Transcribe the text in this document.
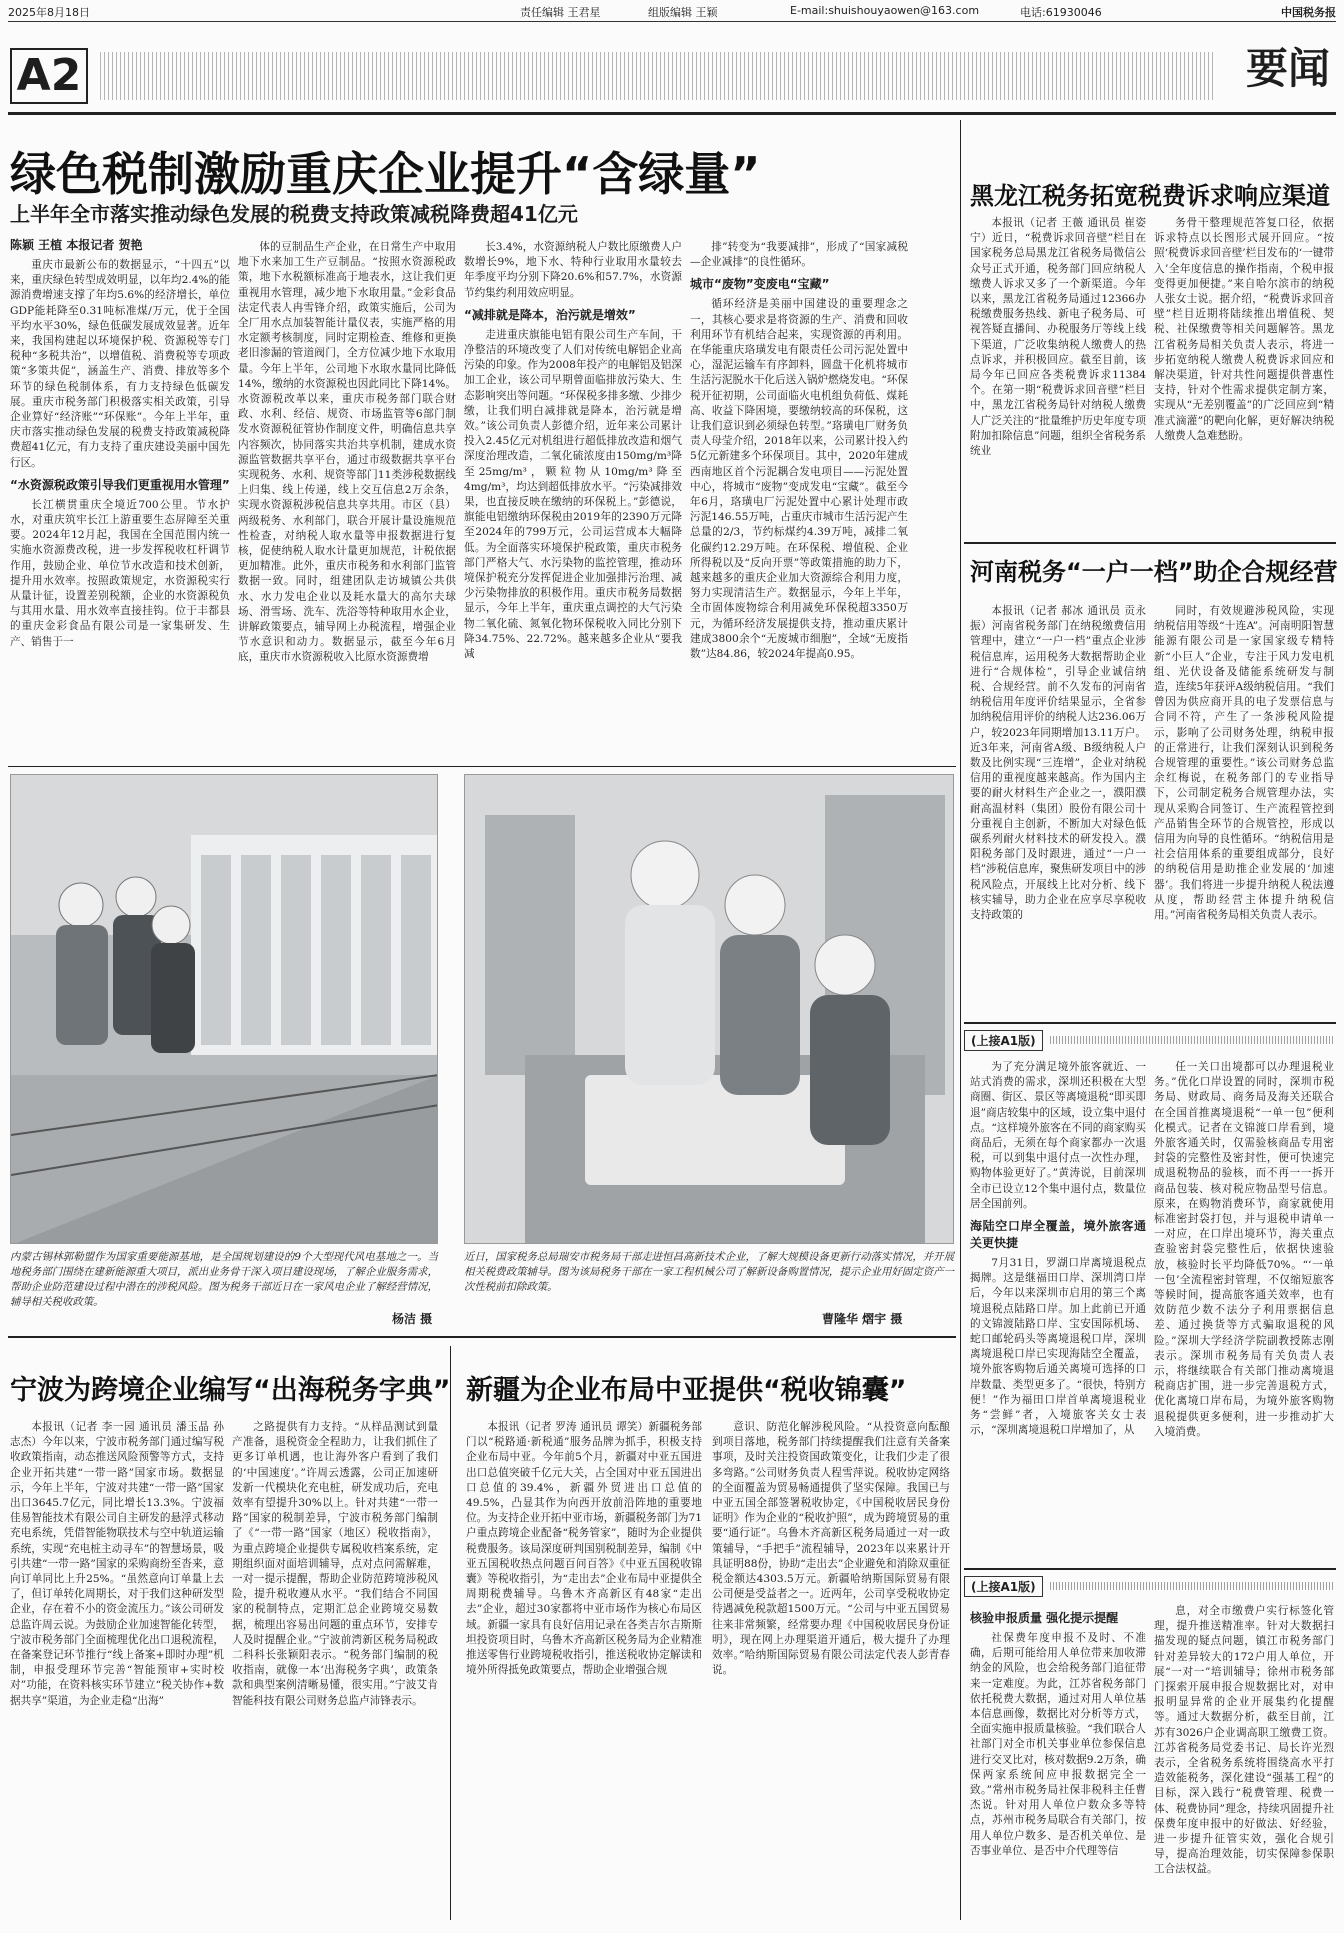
2025年8月18日	责任编辑 王君星	组版编辑 王颖	E-mail:shuishouyaowen@163.com	电话:61930046	中国税务报
A2	要闻
绿色税制激励重庆企业提升“含绿量”
上半年全市落实推动绿色发展的税费支持政策减税降费超41亿元
陈颖 王植 本报记者 贺艳

重庆市最新公布的数据显示，“十四五”以来，重庆绿色转型成效明显，以年均2.4%的能源消费增速支撑了年均5.6%的经济增长，单位GDP能耗降至0.31吨标准煤/万元，优于全国平均水平30%，绿色低碳发展成效显著。近年来，我国构建起以环境保护税、资源税等专门税种“多税共治”，以增值税、消费税等专项政策“多策共促”，涵盖生产、消费、排放等多个环节的绿色税制体系，有力支持绿色低碳发展。重庆市税务部门积极落实相关政策，引导企业算好“经济账”“环保账”。今年上半年，重庆市落实推动绿色发展的税费支持政策减税降费超41亿元，有力支持了重庆建设美丽中国先行区。

“水资源税政策引导我们更重视用水管理”

长江横贯重庆全境近700公里。节水护水，对重庆筑牢长江上游重要生态屏障至关重要。2024年12月起，我国在全国范围内统一实施水资源费改税，进一步发挥税收杠杆调节作用，鼓励企业、单位节水改造和技术创新，提升用水效率。按照政策规定，水资源税实行从量计征，设置差别税额，企业的水资源税负与其用水量、用水效率直接挂钩。位于丰都县的重庆金彩食品有限公司是一家集研发、生产、销售于一

体的豆制品生产企业，在日常生产中取用地下水来加工生产豆制品。“按照水资源税政策，地下水税额标准高于地表水，这让我们更重视用水管理，减少地下水取用量。”金彩食品法定代表人冉雪锋介绍，政策实施后，公司为全厂用水点加装智能计量仪表，实施严格的用水定额考核制度，同时定期检查、维修和更换老旧渗漏的管道阀门，全方位减少地下水取用量。今年上半年，公司地下水取水量同比降低14%，缴纳的水资源税也因此同比下降14%。水资源税改革以来，重庆市税务部门联合财政、水利、经信、规资、市场监管等6部门制发水资源税征管协作制度文件，明确信息共享内容频次，协同落实共治共享机制，建成水资源监管数据共享平台，通过市级数据共享平台实现税务、水利、规资等部门11类涉税数据线上归集、线上传递，线上交互信息2万余条，实现水资源税涉税信息共享共用。市区（县）两级税务、水利部门，联合开展计量设施规范性检查，对纳税人取水量等申报数据进行复核，促使纳税人取水计量更加规范，计税依据更加精准。此外，重庆市税务和水利部门监管数据一致。同时，组建团队走访城镇公共供水、水力发电企业以及耗水量大的高尔夫球场、滑雪场、洗车、洗浴等特种取用水企业，讲解政策要点，辅导网上办税流程，增强企业节水意识和动力。数据显示，截至今年6月底，重庆市水资源税收入比原水资源费增

长3.4%，水资源纳税人户数比原缴费人户数增长9%，地下水、特种行业取用水量较去年季度平均分别下降20.6%和57.7%，水资源节约集约利用效应明显。

“减排就是降本，治污就是增效”

走进重庆旗能电铝有限公司生产车间，干净整洁的环境改变了人们对传统电解铝企业高污染的印象。作为2008年投产的电解铝及铝深加工企业，该公司早期曾面临排放污染大、生态影响突出等问题。“环保税多排多缴、少排少缴，让我们明白减排就是降本，治污就是增效。”该公司负责人彭德介绍，近年来公司累计投入2.45亿元对机组进行超低排放改造和烟气深度治理改造，二氧化硫浓度由150mg/m³降至25mg/m³，颗粒物从10mg/m³降至4mg/m³，均达到超低排放水平。“污染减排效果，也直接反映在缴纳的环保税上。”彭德说，旗能电铝缴纳环保税由2019年的2390万元降至2024年的799万元，公司运营成本大幅降低。为全面落实环境保护税政策，重庆市税务部门严格大气、水污染物的监控管理，推动环境保护税充分发挥促进企业加强排污治理、减少污染物排放的积极作用。重庆市税务局数据显示，今年上半年，重庆重点调控的大气污染物二氧化硫、氮氧化物环保税收入同比分别下降34.75%、22.72%。越来越多企业从“要我减

排”转变为“我要减排”，形成了“国家减税—企业减排”的良性循环。

城市“废物”变废电“宝藏”

循环经济是美丽中国建设的重要理念之一，其核心要求是将资源的生产、消费和回收利用环节有机结合起来，实现资源的再利用。在华能重庆珞璜发电有限责任公司污泥处置中心，湿泥运输车有序卸料，圆盘干化机将城市生活污泥脱水干化后送入锅炉燃烧发电。“环保税开征初期，公司面临火电机组负荷低、煤耗高、收益下降困境，要缴纳较高的环保税，这让我们意识到必须绿色转型。”珞璜电厂财务负责人母莹介绍，2018年以来，公司累计投入约5亿元新建多个环保项目。其中，2020年建成西南地区首个污泥耦合发电项目——污泥处置中心，将城市“废物”变成发电“宝藏”。截至今年6月，珞璜电厂污泥处置中心累计处理市政污泥146.55万吨，占重庆市城市生活污泥产生总量的2/3，节约标煤约4.39万吨，减排二氧化碳约12.29万吨。在环保税、增值税、企业所得税以及“反向开票”等政策措施的助力下，越来越多的重庆企业加大资源综合利用力度，努力实现清洁生产。数据显示，今年上半年，全市固体废物综合利用减免环保税超3350万元，为循环经济发展提供支持，推动重庆累计建成3800余个“无废城市细胞”，全域“无废指数”达84.86，较2024年提高0.95。

黑龙江税务拓宽税费诉求响应渠道

本报讯（记者 王薇 通讯员 崔姿宁）近日，“税费诉求回音壁”栏目在国家税务总局黑龙江省税务局微信公众号正式开通，税务部门回应纳税人缴费人诉求又多了一个新渠道。今年以来，黑龙江省税务局通过12366办税缴费服务热线、新电子税务局、可视答疑直播间、办税服务厅等线上线下渠道，广泛收集纳税人缴费人的热点诉求，并积极回应。截至目前，该局今年已回应各类税费诉求11384个。在第一期“税费诉求回音壁”栏目中，黑龙江省税务局针对纳税人缴费人广泛关注的“批量维护历史年度专项附加扣除信息”问题，组织全省税务系统业

务骨干整理规范答复口径，依据诉求特点以长图形式展开回应。“按照‘税费诉求回音壁’栏目发布的‘一键带入’全年度信息的操作指南，个税申报变得更加便捷。”来自哈尔滨市的纳税人张女士说。据介绍，“税费诉求回音壁”栏目近期将陆续推出增值税、契税、社保缴费等相关问题解答。黑龙江省税务局相关负责人表示，将进一步拓宽纳税人缴费人税费诉求回应和解决渠道，针对共性问题提供普惠性支持，针对个性需求提供定制方案，实现从“无差别覆盖”的广泛回应到“精准式滴灌”的靶向化解，更好解决纳税人缴费人急难愁盼。

河南税务“一户一档”助企合规经营

本报讯（记者 郝冰 通讯员 贡永振）河南省税务部门在纳税缴费信用管理中，建立“一户一档”重点企业涉税信息库，运用税务大数据帮助企业进行“合规体检”，引导企业诚信纳税、合规经营。前不久发布的河南省纳税信用年度评价结果显示，全省参加纳税信用评价的纳税人达236.06万户，较2023年同期增加13.11万户。近3年来，河南省A级、B级纳税人户数及比例实现“三连增”，企业对纳税信用的重视度越来越高。作为国内主要的耐火材料生产企业之一，濮阳濮耐高温材料（集团）股份有限公司十分重视自主创新，不断加大对绿色低碳系列耐火材料技术的研发投入。濮阳税务部门及时跟进，通过“一户一档”涉税信息库，聚焦研发项目中的涉税风险点，开展线上比对分析、线下核实辅导，助力企业在应享尽享税收支持政策的

同时，有效规避涉税风险，实现纳税信用等级“十连A”。河南明阳智慧能源有限公司是一家国家级专精特新“小巨人”企业，专注于风力发电机组、光伏设备及储能系统研发与制造，连续5年获评A级纳税信用。“我们曾因为供应商开具的电子发票信息与合同不符，产生了一条涉税风险提示，影响了公司财务处理，纳税申报的正常进行，让我们深刻认识到税务合规管理的重要性。”该公司财务总监余红梅说，在税务部门的专业指导下，公司制定税务合规管理办法，实现从采购合同签订、生产流程管控到产品销售全环节的合规管控，形成以信用为向导的良性循环。“纳税信用是社会信用体系的重要组成部分，良好的纳税信用是助推企业发展的‘加速器’。我们将进一步提升纳税人税法遵从度，帮助经营主体提升纳税信用。”河南省税务局相关负责人表示。

(上接A1版)

为了充分满足境外旅客就近、一站式消费的需求，深圳还积极在大型商圈、街区、景区等离境退税“即买即退”商店较集中的区域，设立集中退付点。“这样境外旅客在不同的商家购买商品后，无须在每个商家都办一次退税，可以到集中退付点一次性办理，购物体验更好了。”黄涛说，目前深圳全市已设立12个集中退付点，数量位居全国前列。

海陆空口岸全覆盖，境外旅客通关更快捷

7月31日，罗湖口岸离境退税点揭牌。这是继福田口岸、深圳湾口岸后，今年以来深圳市启用的第三个离境退税点陆路口岸。加上此前已开通的文锦渡陆路口岸、宝安国际机场、蛇口邮轮码头等离境退税口岸，深圳离境退税口岸已实现海陆空全覆盖，境外旅客购物后通关离境可选择的口岸数量、类型更多了。“很快，特别方便！”作为福田口岸首单离境退税业务“尝鲜”者，入境旅客关女士表示，“深圳离境退税口岸增加了，从

任一关口出境都可以办理退税业务。”优化口岸设置的同时，深圳市税务局、财政局、商务局及海关还联合在全国首推离境退税“一单一包”便利化模式。记者在文锦渡口岸看到，境外旅客通关时，仅需验核商品专用密封袋的完整性及密封性，便可快速完成退税物品的验核，而不再一一拆开商品包装、核对税应物品型号信息。原来，在购物消费环节，商家就使用标准密封袋打包，并与退税申请单一一对应，在口岸出境环节，海关重点查验密封袋完整性后，依据快速验放，核验时长平均降低70%。“‘一单一包’全流程密封管理，不仅缩短旅客等候时间，提高旅客通关效率，也有效防范少数不法分子利用票据信息差、通过换货等方式骗取退税的风险。”深圳大学经济学院副教授陈志刚表示。深圳市税务局有关负责人表示，将继续联合有关部门推动离境退税商店扩围，进一步完善退税方式，优化离境口岸布局，为境外旅客购物退税提供更多便利，进一步推动扩大入境消费。

(上接A1版)
核验申报质量 强化提示提醒

社保费年度申报不及时、不准确，后期可能给用人单位带来加收滞纳金的风险，也会给税务部门追征带来一定难度。为此，江苏省税务部门依托税费大数据，通过对用人单位基本信息画像，数据比对分析等方式，全面实施申报质量核验。“我们联合人社部门对全市机关事业单位参保信息进行交叉比对，核对数据9.2万条，确保两家系统间应申报数据完全一致。”常州市税务局社保非税科主任曹杰说。针对用人单位户数众多等特点，苏州市税务局联合有关部门，按用人单位户数多、是否机关单位、是否事业单位、是否中介代理等信

息，对全市缴费户实行标签化管理，提升推送精准率。针对大数据扫描发现的疑点问题，镇江市税务部门针对差异较大的172户用人单位，开展“一对一”培训辅导；徐州市税务部门探索开展申报合规数据比对，对申报明显异常的企业开展集约化提醒等。通过大数据分析，截至目前，江苏有3026户企业调高职工缴费工资。江苏省税务局党委书记、局长许光烈表示，全省税务系统将围绕高水平打造效能税务，深化建设“强基工程”的目标，深入践行“税费管理、税费一体、税费协同”理念，持续巩固提升社保费年度申报中的好做法、好经验，进一步提升征管实效，强化合规引导，提高治理效能，切实保障参保职工合法权益。

内蒙古锡林郭勒盟作为国家重要能源基地，是全国规划建设的9个大型现代风电基地之一。当地税务部门围绕在建新能源重大项目，派出业务骨干深入项目建设现场，了解企业服务需求，帮助企业防范建设过程中潜在的涉税风险。图为税务干部近日在一家风电企业了解经营情况，辅导相关税收政策。
杨洁 摄
近日，国家税务总局瑞安市税务局干部走进恒昌高新技术企业，了解大规模设备更新行动落实情况，并开展相关税费政策辅导。图为该局税务干部在一家工程机械公司了解新设备购置情况，提示企业用好固定资产一次性税前扣除政策。
曹隆华 熠宇 摄
宁波为跨境企业编写“出海税务字典”

本报讯（记者 李一园 通讯员 潘玉晶 孙志杰）今年以来，宁波市税务部门通过编写税收政策指南，动态推送风险预警等方式，支持企业开拓共建“一带一路”国家市场。数据显示，今年上半年，宁波对共建“一带一路”国家出口3645.7亿元，同比增长13.3%。宁波福佳易智能技术有限公司自主研发的悬浮式移动充电系统，凭借智能物联技术与空中轨道运输系统，实现“充电桩主动寻车”的智慧场景，吸引共建“一带一路”国家的采购商纷至沓来，意向订单同比上升25%。“虽然意向订单量上去了，但订单转化周期长，对于我们这种研发型企业，存在着不小的资金流压力。”该公司研发总监许周云说。为鼓励企业加速智能化转型，宁波市税务部门全面梳理优化出口退税流程，在备案登记环节推行“线上备案+即时办理”机制，申报受理环节完善“智能预审+实时校对”功能，在资料核实环节建立“税关协作+数据共享”渠道，为企业走稳“出海”

之路提供有力支持。“从样品测试到量产准备，退税资金全程助力，让我们抓住了更多订单机遇，也让海外客户看到了我们的‘中国速度’。”许周云透露，公司正加速研发新一代模块化充电桩，研发成功后，充电效率有望提升30%以上。针对共建“一带一路”国家的税制差异，宁波市税务部门编制了《“一带一路”国家（地区）税收指南》，为重点跨境企业提供专属税收档案系统，定期组织面对面培训辅导，点对点问需解难，一对一提示提醒，帮助企业防范跨境涉税风险，提升税收遵从水平。“我们结合不同国家的税制特点，定期汇总企业跨境交易数据，梳理出容易出问题的重点环节，安排专人及时提醒企业。”宁波前湾新区税务局税政二科科长张颖阳表示。“税务部门编制的税收指南，就像一本‘出海税务字典’，政策条款和典型案例清晰易懂，很实用。”宁波艾肯智能科技有限公司财务总监卢沛锋表示。

新疆为企业布局中亚提供“税收锦囊”

本报讯（记者 罗涛 通讯员 谭笑）新疆税务部门以“税路通·新税通”服务品牌为抓手，积极支持企业布局中亚。今年前5个月，新疆对中亚五国进出口总值突破千亿元大关，占全国对中亚五国进出口总值的39.4%，新疆外贸进出口总值的49.5%，凸显其作为向西开放前沿阵地的重要地位。为支持企业开拓中亚市场，新疆税务部门为71户重点跨境企业配备“税务管家”，随时为企业提供税费服务。该局深度研判国别税制差异，编制《中亚五国税收热点问题百问百答》《中亚五国税收锦囊》等税收指引，为“走出去”企业布局中亚提供全周期税费辅导。乌鲁木齐高新区有48家“走出去”企业，超过30家都将中亚市场作为核心布局区域。新疆一家具有良好信用记录在各类吉尔吉斯斯坦投资项目时，乌鲁木齐高新区税务局为企业精准推送零售行业跨境税收指引，推送税收协定解读和境外所得抵免政策要点，帮助企业增强合规

意识、防范化解涉税风险。“从投资意向酝酿到项目落地，税务部门持续提醒我们注意有关备案事项，及时关注投资国政策变化，让我们少走了很多弯路。”公司财务负责人程雪萍说。税收协定网络的全面覆盖为贸易畅通提供了坚实保障。我国已与中亚五国全部签署税收协定，《中国税收居民身份证明》作为企业的“税收护照”，成为跨境贸易的重要“通行证”。乌鲁木齐高新区税务局通过一对一政策辅导，“手把手”流程辅导，2023年以来累计开具证明88份，协助“走出去”企业避免和消除双重征税金额达4303.5万元。新疆哈纳斯国际贸易有限公司便是受益者之一。近两年，公司享受税收协定待遇减免税款超1500万元。“公司与中亚五国贸易往来非常频繁，经常要办理《中国税收居民身份证明》，现在网上办理渠道开通后，极大提升了办理效率。”哈纳斯国际贸易有限公司法定代表人彭青春说。
